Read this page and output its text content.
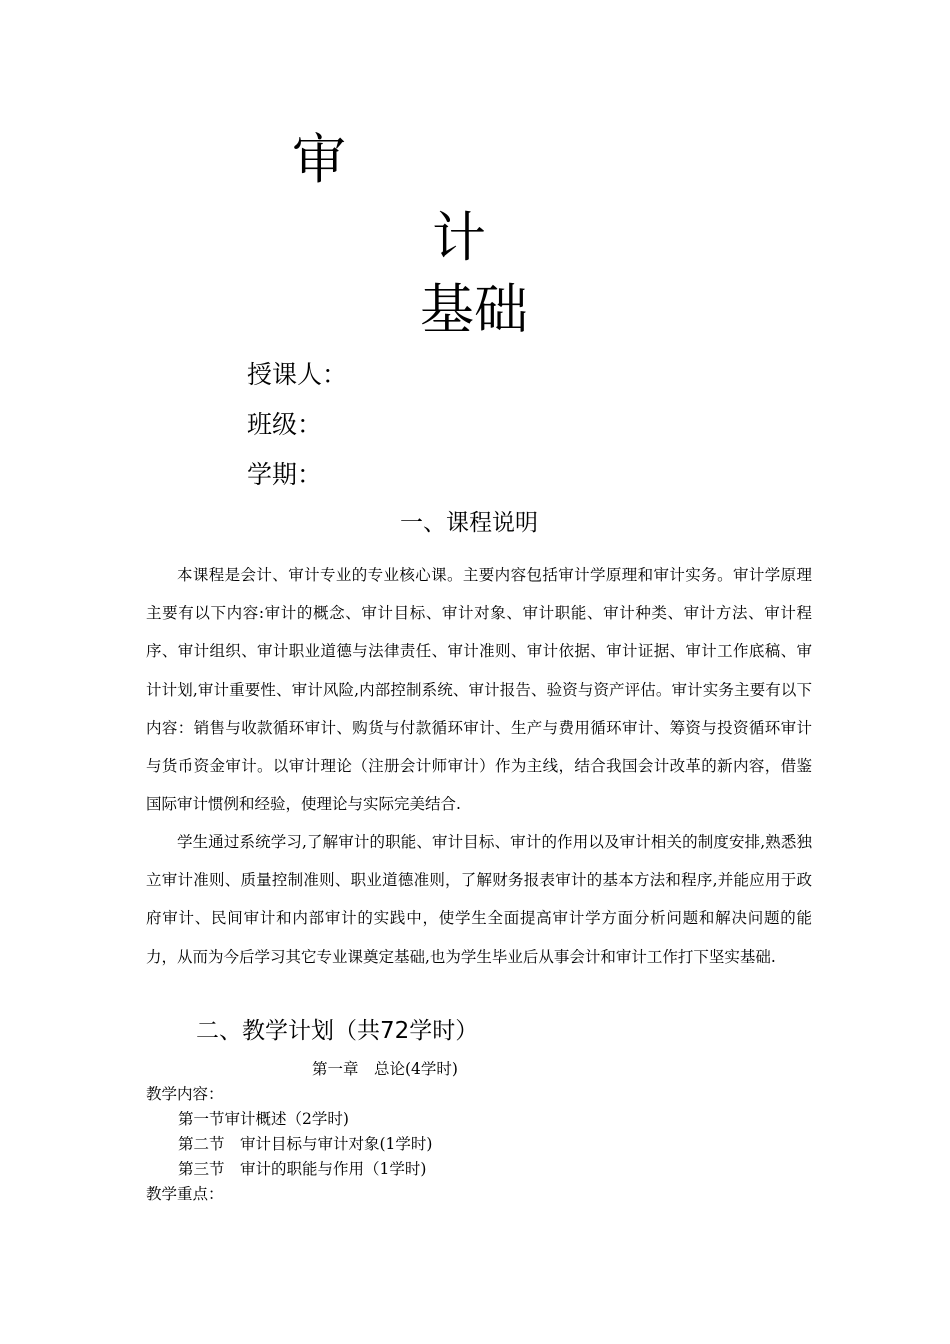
审
计
基础
授课人：
班级：
学期：
一、课程说明
本课程是会计、审计专业的专业核心课。主要内容包括审计学原理和审计实务。审计学原理主要有以下内容:审计的概念、审计目标、审计对象、审计职能、审计种类、审计方法、审计程序、审计组织、审计职业道德与法律责任、审计准则、审计依据、审计证据、审计工作底稿、审计计划,审计重要性、审计风险,内部控制系统、审计报告、验资与资产评估。审计实务主要有以下内容：销售与收款循环审计、购货与付款循环审计、生产与费用循环审计、筹资与投资循环审计与货币资金审计。以审计理论（注册会计师审计）作为主线，结合我国会计改革的新内容，借鉴国际审计惯例和经验，使理论与实际完美结合.
学生通过系统学习,了解审计的职能、审计目标、审计的作用以及审计相关的制度安排,熟悉独立审计准则、质量控制准则、职业道德准则，了解财务报表审计的基本方法和程序,并能应用于政府审计、民间审计和内部审计的实践中，使学生全面提高审计学方面分析问题和解决问题的能力，从而为今后学习其它专业课奠定基础,也为学生毕业后从事会计和审计工作打下坚实基础.
二、教学计划（共72学时）
第一章　总论(4学时)
教学内容：
第一节审计概述（2学时)
第二节　审计目标与审计对象(1学时)
第三节　审计的职能与作用（1学时)
教学重点：
